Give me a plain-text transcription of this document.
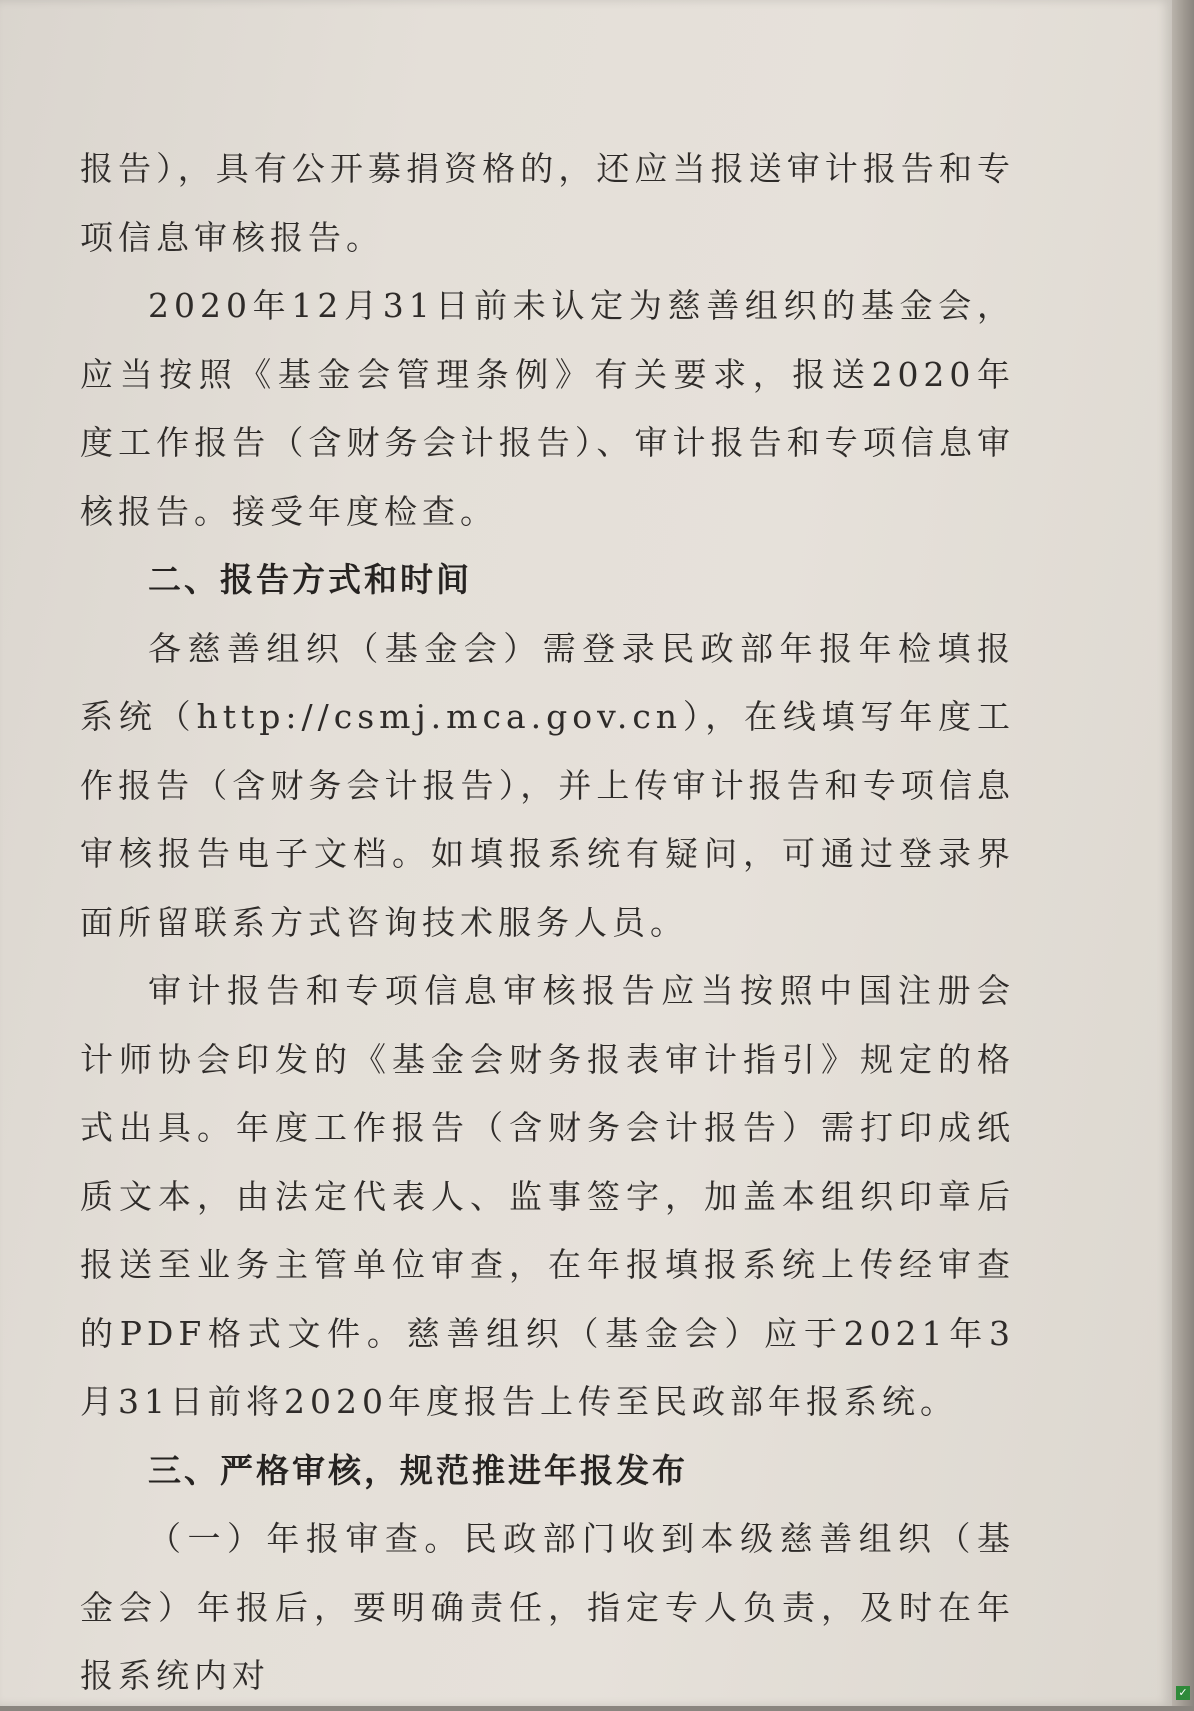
报告），具有公开募捐资格的，还应当报送审计报告和专项信息审核报告。

2020年12月31日前未认定为慈善组织的基金会，应当按照《基金会管理条例》有关要求，报送2020年度工作报告（含财务会计报告）、审计报告和专项信息审核报告。接受年度检查。

二、报告方式和时间

各慈善组织（基金会）需登录民政部年报年检填报系统（http://csmj.mca.gov.cn），在线填写年度工作报告（含财务会计报告），并上传审计报告和专项信息审核报告电子文档。如填报系统有疑问，可通过登录界面所留联系方式咨询技术服务人员。

审计报告和专项信息审核报告应当按照中国注册会计师协会印发的《基金会财务报表审计指引》规定的格式出具。年度工作报告（含财务会计报告）需打印成纸质文本，由法定代表人、监事签字，加盖本组织印章后报送至业务主管单位审查，在年报填报系统上传经审查的PDF格式文件。慈善组织（基金会）应于2021年3月31日前将2020年度报告上传至民政部年报系统。

三、严格审核，规范推进年报发布

（一）年报审查。民政部门收到本级慈善组织（基金会）年报后，要明确责任，指定专人负责，及时在年报系统内对	✓
